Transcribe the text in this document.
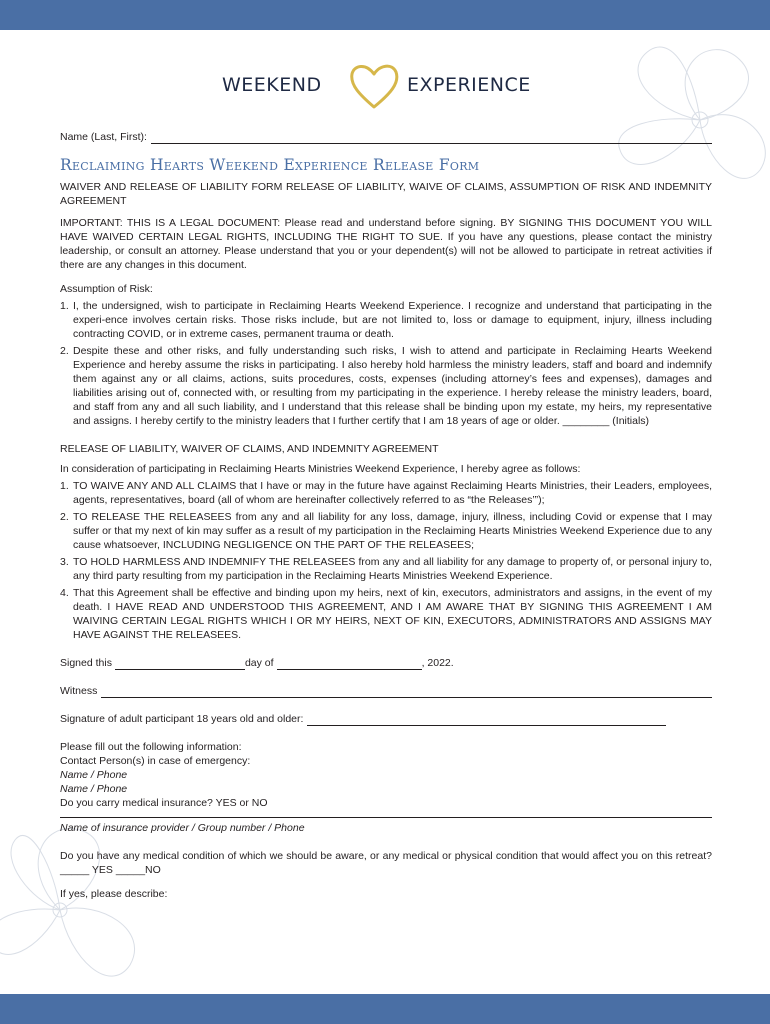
WEEKEND	EXPERIENCE
Name (Last, First):
Reclaiming Hearts Weekend Experience Release Form
WAIVER AND RELEASE OF LIABILITY FORM RELEASE OF LIABILITY, WAIVE OF CLAIMS, ASSUMPTION OF RISK AND INDEMNITY AGREEMENT
IMPORTANT: THIS IS A LEGAL DOCUMENT: Please read and understand before signing. BY SIGNING THIS DOCUMENT YOU WILL HAVE WAIVED CERTAIN LEGAL RIGHTS, INCLUDING THE RIGHT TO SUE. If you have any questions, please contact the ministry leadership, or consult an attorney. Please understand that you or your dependent(s) will not be allowed to participate in retreat activities if there are any changes in this document.
Assumption of Risk:
1. I, the undersigned, wish to participate in Reclaiming Hearts Weekend Experience. I recognize and understand that participating in the experi-ence involves certain risks. Those risks include, but are not limited to, loss or damage to equipment, injury, illness including contracting COVID, or in extreme cases, permanent trauma or death.
2. Despite these and other risks, and fully understanding such risks, I wish to attend and participate in Reclaiming Hearts Weekend Experience and hereby assume the risks in participating. I also hereby hold harmless the ministry leaders, staff and board and indemnify them against any or all claims, actions, suits procedures, costs, expenses (including attorney’s fees and expenses), damages and liabilities arising out of, connected with, or resulting from my participating in the experience. I hereby release the ministry leaders, board, and staff from any and all such liability, and I understand that this release shall be binding upon my estate, my heirs, my representative and assigns. I hereby certify to the ministry leaders that I further certify that I am 18 years of age or older. ________ (Initials)
RELEASE OF LIABILITY, WAIVER OF CLAIMS, AND INDEMNITY AGREEMENT
In consideration of participating in Reclaiming Hearts Ministries Weekend Experience, I hereby agree as follows:
1. TO WAIVE ANY AND ALL CLAIMS that I have or may in the future have against Reclaiming Hearts Ministries, their Leaders, employees, agents, representatives, board (all of whom are hereinafter collectively referred to as “the Releases’”);
2. TO RELEASE THE RELEASEES from any and all liability for any loss, damage, injury, illness, including Covid or expense that I may suffer or that my next of kin may suffer as a result of my participation in the Reclaiming Hearts Ministries Weekend Experience due to any cause whatsoever, INCLUDING NEGLIGENCE ON THE PART OF THE RELEASEES;
3. TO HOLD HARMLESS AND INDEMNIFY THE RELEASEES from any and all liability for any damage to property of, or personal injury to, any third party resulting from my participation in the Reclaiming Hearts Ministries Weekend Experience.
4. That this Agreement shall be effective and binding upon my heirs, next of kin, executors, administrators and assigns, in the event of my death. I HAVE READ AND UNDERSTOOD THIS AGREEMENT, AND I AM AWARE THAT BY SIGNING THIS AGREEMENT I AM WAIVING CERTAIN LEGAL RIGHTS WHICH I OR MY HEIRS, NEXT OF KIN, EXECUTORS, ADMINISTRATORS AND ASSIGNS MAY HAVE AGAINST THE RELEASEES.
Signed this	day of	, 2022.
Witness
Signature of adult participant 18 years old and older:
Please fill out the following information:
Contact Person(s) in case of emergency:
Name / Phone
Name / Phone
Do you carry medical insurance? YES or NO
Name of insurance provider / Group number / Phone
Do you have any medical condition of which we should be aware, or any medical or physical condition that would affect you on this retreat? _____ YES _____NO
If yes, please describe:
